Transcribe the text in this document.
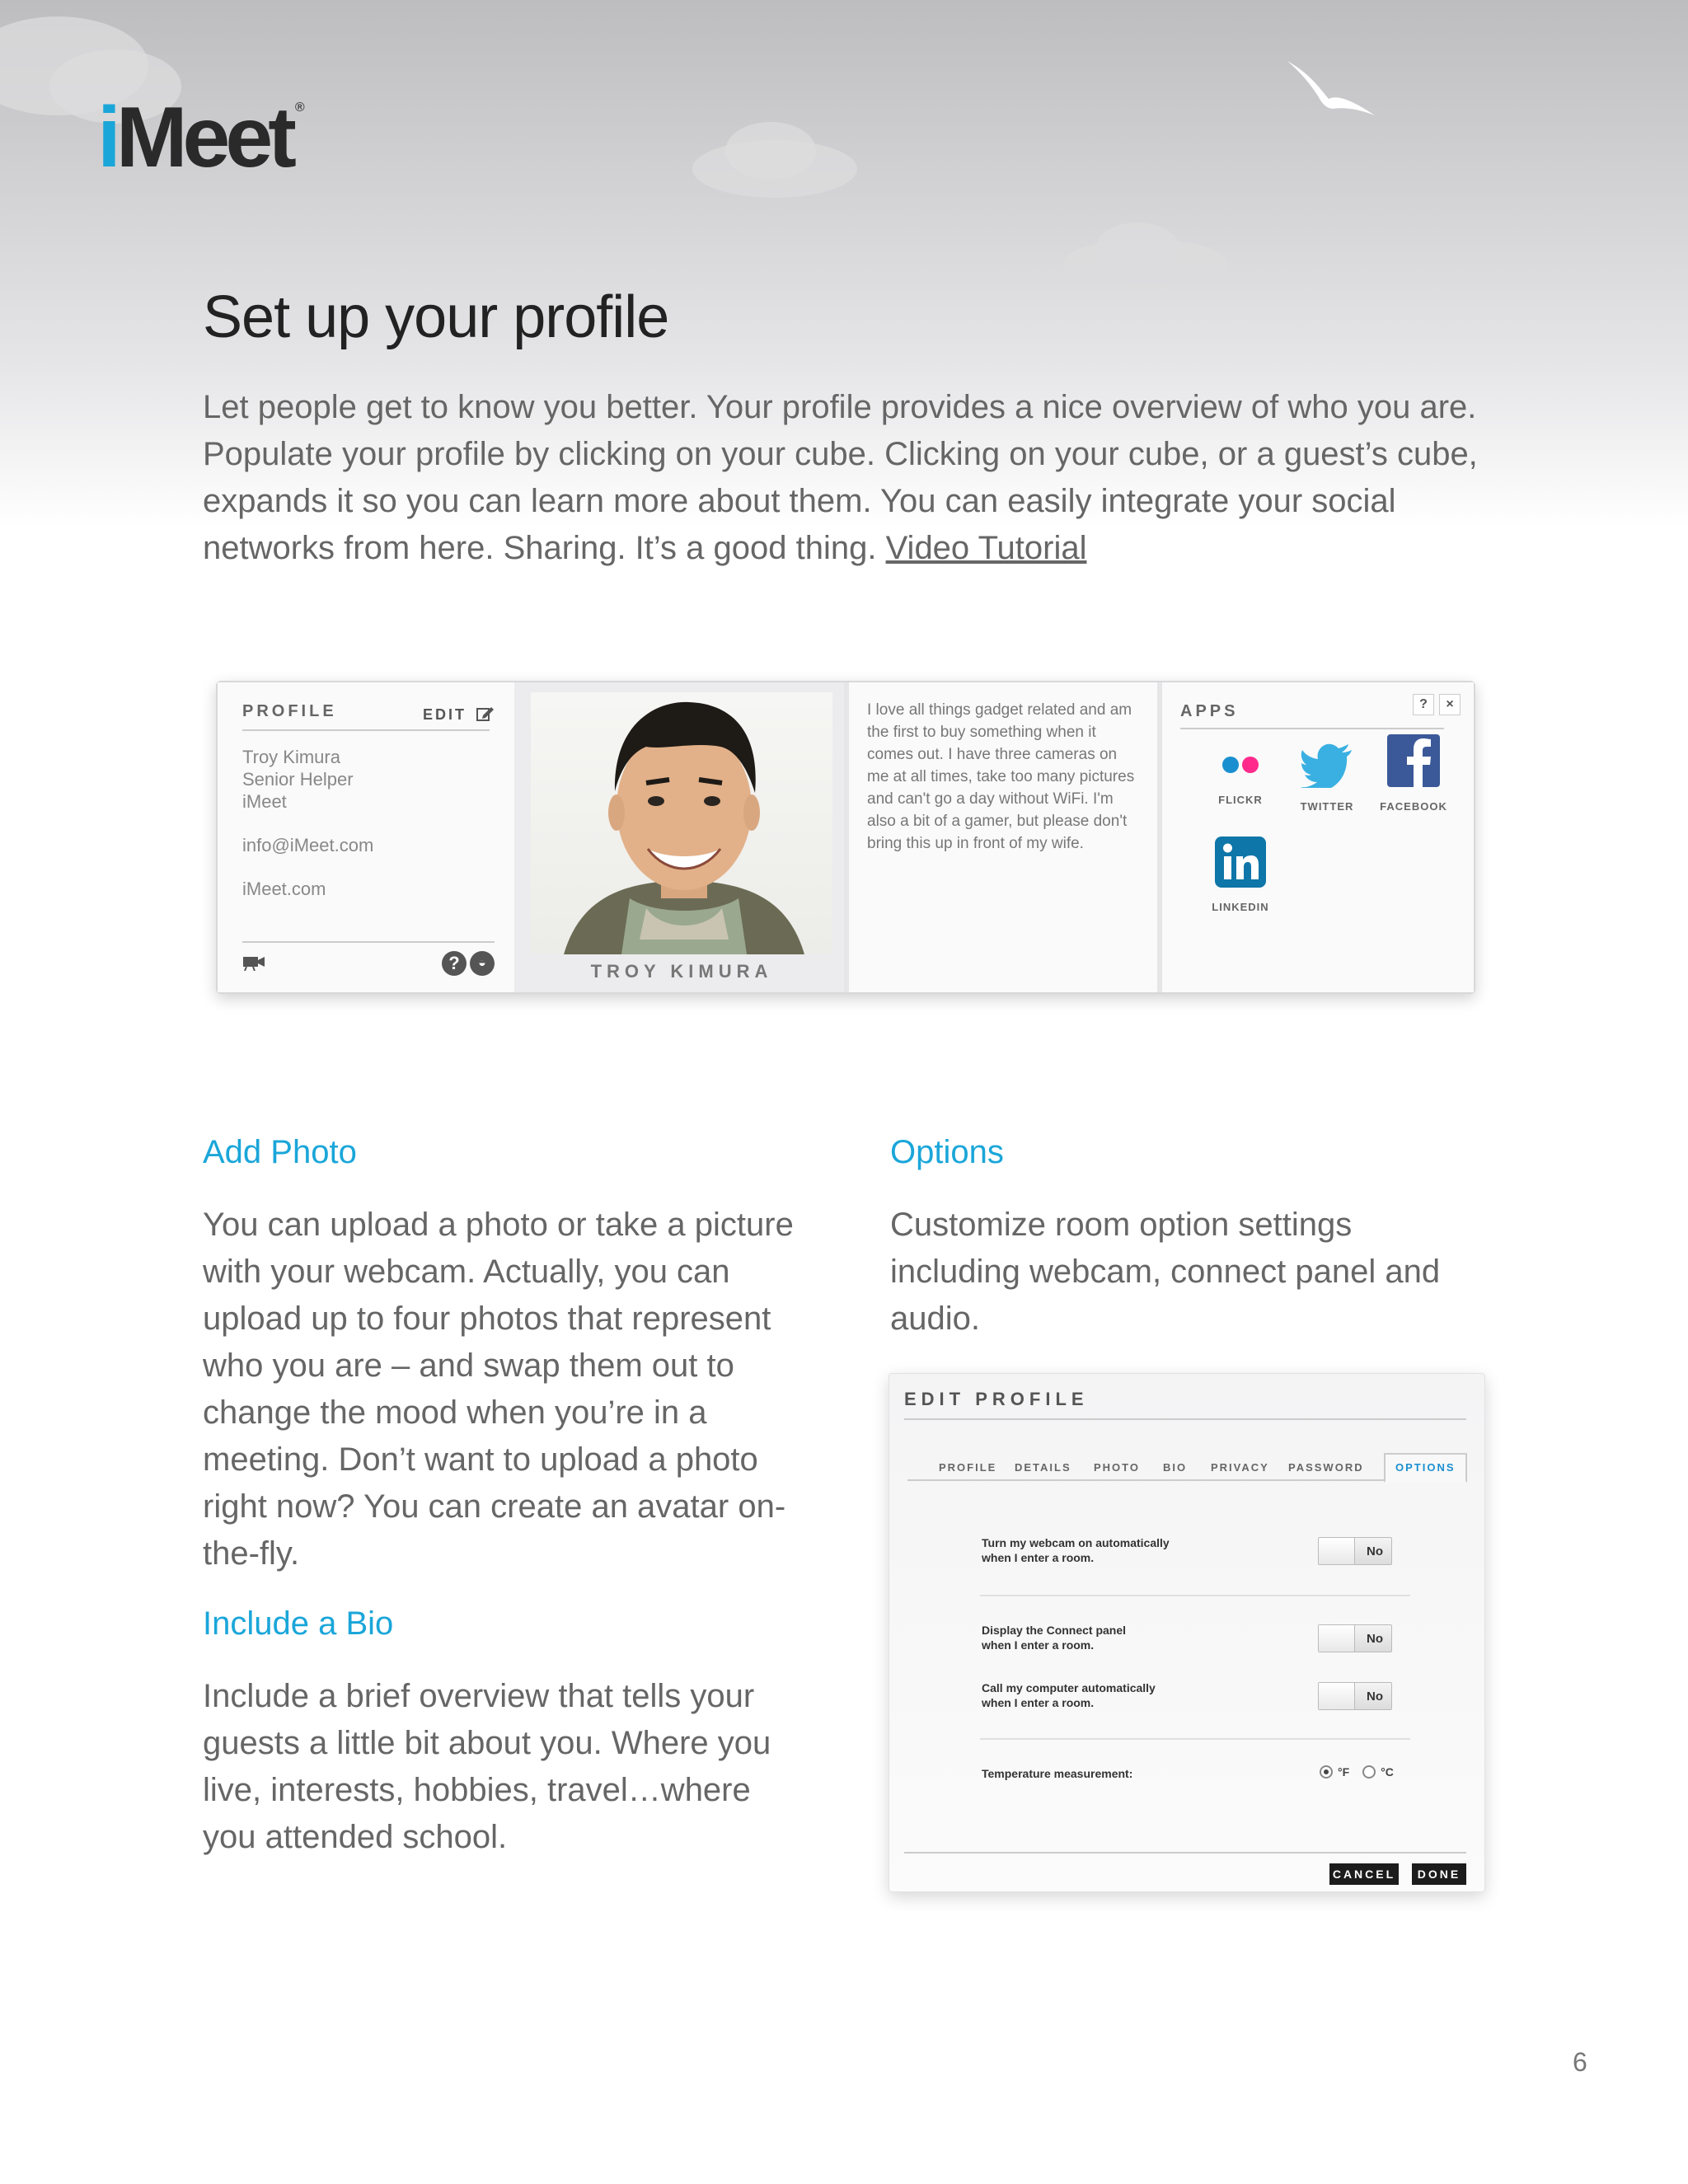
iMeet ®
Set up your profile

Let people get to know you better. Your profile provides a nice overview of who you are. Populate your profile by clicking on your cube. Clicking on your cube, or a guest’s cube, expands it so you can learn more about them. You can easily integrate your social networks from here. Sharing. It’s a good thing. Video Tutorial

PROFILE	EDIT
Troy Kimura
Senior Helper
iMeet
info@iMeet.com
iMeet.com
?	◒	TROY KIMURA

I love all things gadget related and am the first to buy something when it comes out. I have three cameras on me at all times, take too many pictures and can't go a day without WiFi. I'm also a bit of a gamer, but please don't bring this up in front of my wife.

APPS	?	×
FLICKR
TWITTER	FACEBOOK
LINKEDIN
Add Photo

You can upload a photo or take a picture with your webcam. Actually, you can upload up to four photos that represent who you are – and swap them out to change the mood when you’re in a meeting. Don’t want to upload a photo right now? You can create an avatar on-the-fly.

Include a Bio

Include a brief overview that tells your guests a little bit about you. Where you live, interests, hobbies, travel…where you attended school.

Options

Customize room option settings including webcam, connect panel and audio.

EDIT PROFILE
PROFILE DETAILS PHOTO BIO PRIVACY PASSWORD	OPTIONS
Turn my webcam on automatically
when I enter a room.	No
Display the Connect panel
when I enter a room.	No
Call my computer automatically
when I enter a room.	No
Temperature measurement:	°F	°C
CANCEL	DONE
6
